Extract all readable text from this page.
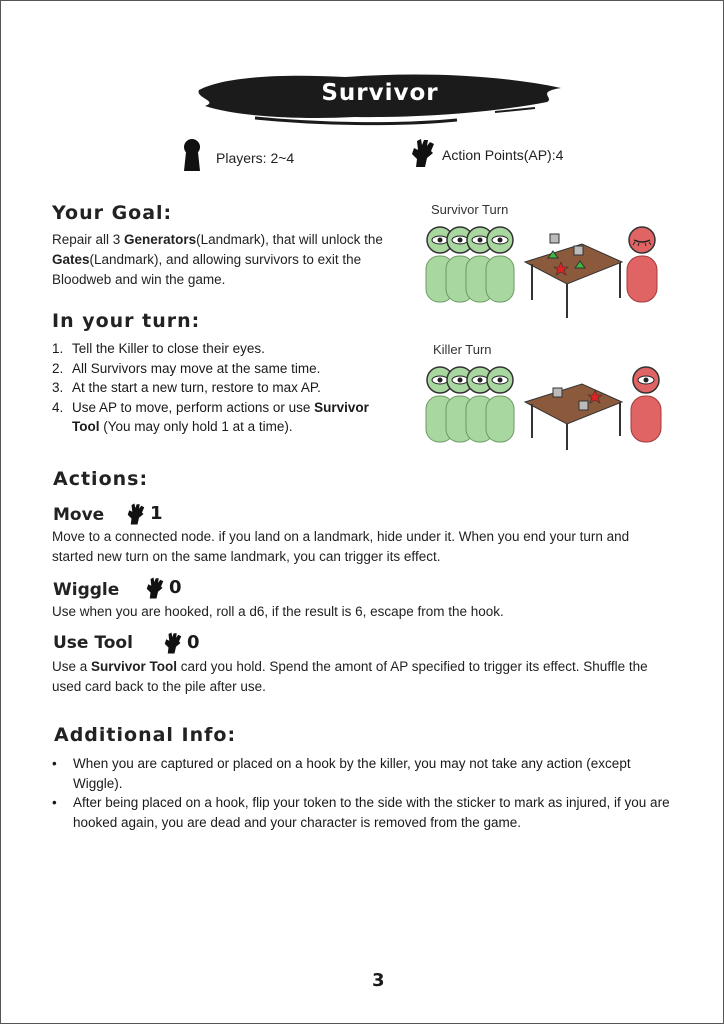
Survivor
Players: 2~4	Action Points(AP):4
Your Goal:
Repair all 3 Generators(Landmark), that will unlock the Gates(Landmark), and allowing survivors to exit the Bloodweb and win the game.
In your turn:
1. Tell the Killer to close their eyes.
2. All Survivors may move at the same time.
3. At the start a new turn, restore to max AP.
4. Use AP to move, perform actions or use Survivor Tool (You may only hold 1 at a time).
Survivor Turn
Killer Turn
Actions:
Move	1
Move to a connected node. if you land on a landmark, hide under it. When you end your turn and started new turn on the same landmark, you can trigger its effect.
Wiggle	0
Use when you are hooked, roll a d6, if the result is 6, escape from the hook.
Use Tool	0
Use a Survivor Tool card you hold. Spend the amont of AP specified to trigger its effect. Shuffle the used card back to the pile after use.
Additional Info:
• When you are captured or placed on a hook by the killer, you may not take any action (except Wiggle).
• After being placed on a hook, flip your token to the side with the sticker to mark as injured, if you are hooked again, you are dead and your character is removed from the game.
3
